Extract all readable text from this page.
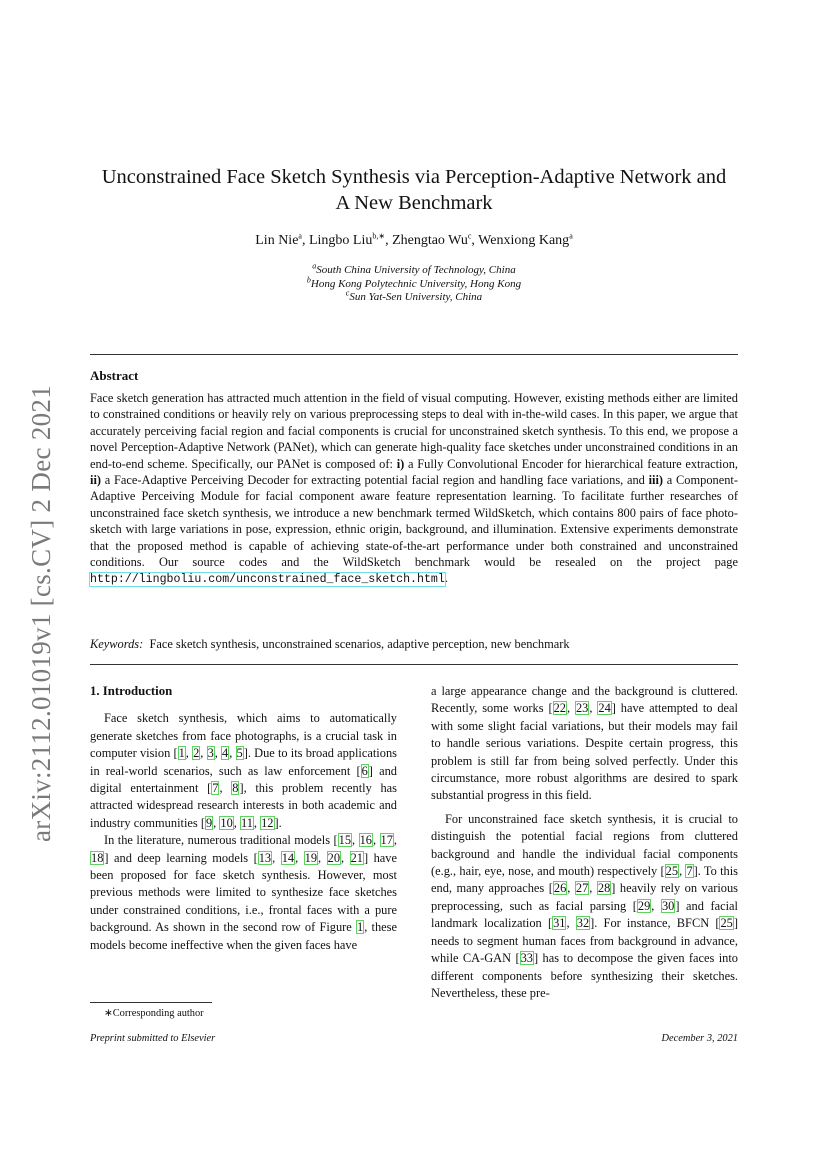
arXiv:2112.01019v1 [cs.CV] 2 Dec 2021
Unconstrained Face Sketch Synthesis via Perception-Adaptive Network and
A New Benchmark
Lin Nie$^a$, Lingbo Liu$^{b,∗}$, Zhengtao Wu$^c$, Wenxiong Kang$^a$
$^a$South China University of Technology, China
$^b$Hong Kong Polytechnic University, Hong Kong
$^c$Sun Yat-Sen University, China
Abstract

Face sketch generation has attracted much attention in the field of visual computing. However, existing methods either are limited to constrained conditions or heavily rely on various preprocessing steps to deal with in-the-wild cases. In this paper, we argue that accurately perceiving facial region and facial components is crucial for unconstrained sketch synthesis. To this end, we propose a novel Perception-Adaptive Network (PANet), which can generate high-quality face sketches under unconstrained conditions in an end-to-end scheme. Specifically, our PANet is composed of: i) a Fully Convolutional Encoder for hierarchical feature extraction, ii) a Face-Adaptive Perceiving Decoder for extracting potential facial region and handling face variations, and iii) a Component-Adaptive Perceiving Module for facial component aware feature representation learning. To facilitate further researches of unconstrained face sketch synthesis, we introduce a new benchmark termed WildSketch, which contains 800 pairs of face photo-sketch with large variations in pose, expression, ethnic origin, background, and illumination. Extensive experiments demonstrate that the proposed method is capable of achieving state-of-the-art performance under both constrained and unconstrained conditions. Our source codes and the WildSketch benchmark would be resealed on the project page http://lingboliu.com/unconstrained_face_sketch.html.

Keywords: Face sketch synthesis, unconstrained scenarios, adaptive perception, new benchmark
1. Introduction

Face sketch synthesis, which aims to automatically generate sketches from face photographs, is a crucial task in computer vision [1, 2, 3, 4, 5]. Due to its broad applications in real-world scenarios, such as law enforcement [6] and digital entertainment [7, 8], this problem recently has attracted widespread research interests in both academic and industry communities [9, 10, 11, 12].

In the literature, numerous traditional models [15, 16, 17, 18] and deep learning models [13, 14, 19, 20, 21] have been proposed for face sketch synthesis. However, most previous methods were limited to synthesize face sketches under constrained conditions, i.e., frontal faces with a pure background. As shown in the second row of Figure 1, these models become ineffective when the given faces have

a large appearance change and the background is cluttered. Recently, some works [22, 23, 24] have attempted to deal with some slight facial variations, but their models may fail to handle serious variations. Despite certain progress, this problem is still far from being solved perfectly. Under this circumstance, more robust algorithms are desired to spark substantial progress in this field.

For unconstrained face sketch synthesis, it is crucial to distinguish the potential facial regions from cluttered background and handle the individual facial components (e.g., hair, eye, nose, and mouth) respectively [25, 7]. To this end, many approaches [26, 27, 28] heavily rely on various preprocessing, such as facial parsing [29, 30] and facial landmark localization [31, 32]. For instance, BFCN [25] needs to segment human faces from background in advance, while CA-GAN [33] has to decompose the given faces into different components before synthesizing their sketches. Nevertheless, these pre-

∗Corresponding author
Preprint submitted to Elsevier	December 3, 2021
